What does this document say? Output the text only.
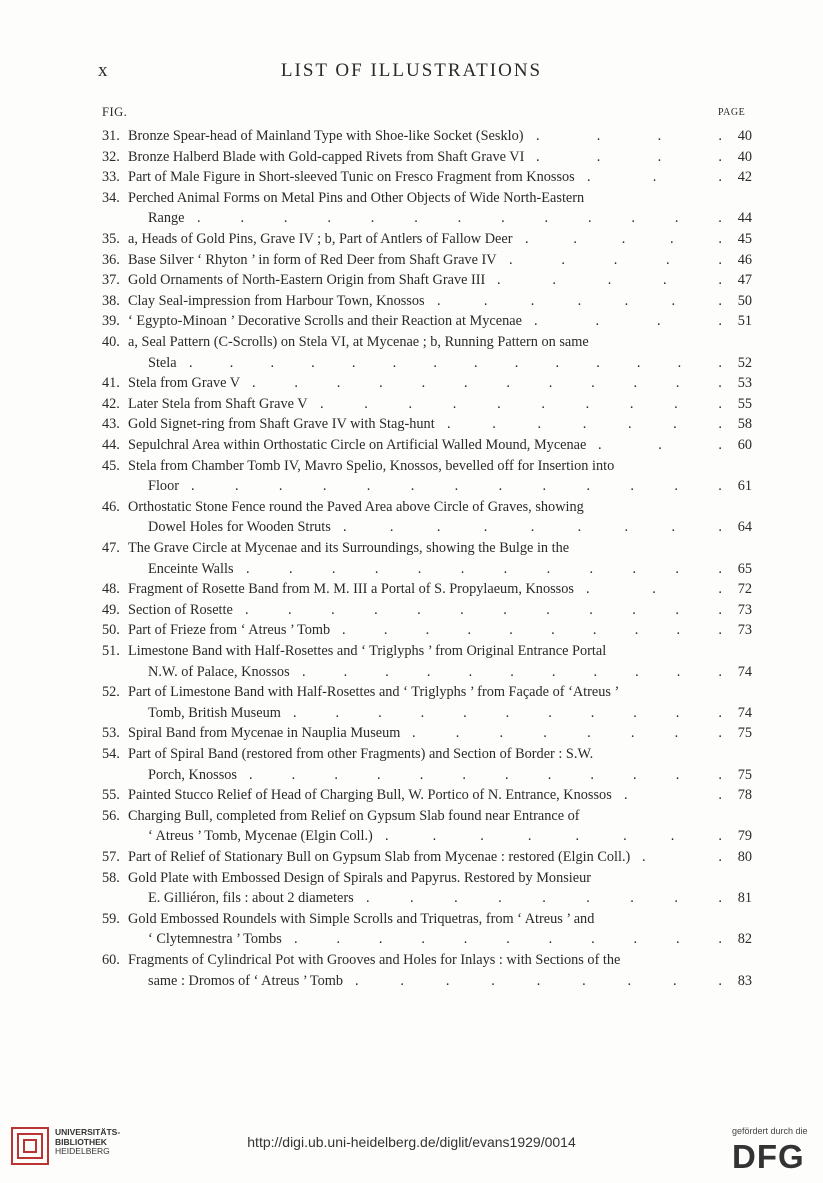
x	LIST OF ILLUSTRATIONS
FIG.	PAGE
31. Bronze Spear-head of Mainland Type with Shoe-like Socket (Sesklo) .	.	.	. 40
32. Bronze Halberd Blade with Gold-capped Rivets from Shaft Grave VI .	.	.	. 40
33. Part of Male Figure in Short-sleeved Tunic on Fresco Fragment from Knossos .	.	. 42
34. Perched Animal Forms on Metal Pins and Other Objects of Wide North-Eastern
Range .	.	.	.	.	.	.	.	.	.	.	.	. 44
35. a, Heads of Gold Pins, Grave IV ; b, Part of Antlers of Fallow Deer .	.	.	.	. 45
36. Base Silver ‘ Rhyton ’ in form of Red Deer from Shaft Grave IV .	.	.	.	. 46
37. Gold Ornaments of North-Eastern Origin from Shaft Grave III .	.	.	.	. 47
38. Clay Seal-impression from Harbour Town, Knossos .	.	.	.	.	.	. 50
39. ‘ Egypto-Minoan ’ Decorative Scrolls and their Reaction at Mycenae .	.	.	. 51
40. a, Seal Pattern (C-Scrolls) on Stela VI, at Mycenae ; b, Running Pattern on same
Stela .	.	.	.	.	.	.	.	.	.	.	.	.	. 52
41. Stela from Grave V .	.	.	.	.	.	.	.	.	.	.	. 53
42. Later Stela from Shaft Grave V .	.	.	.	.	.	.	.	.	. 55
43. Gold Signet-ring from Shaft Grave IV with Stag-hunt .	.	.	.	.	.	. 58
44. Sepulchral Area within Orthostatic Circle on Artificial Walled Mound, Mycenae .	.	. 60
45. Stela from Chamber Tomb IV, Mavro Spelio, Knossos, bevelled off for Insertion into
Floor .	.	.	.	.	.	.	.	.	.	.	.	. 61
46. Orthostatic Stone Fence round the Paved Area above Circle of Graves, showing
Dowel Holes for Wooden Struts .	.	.	.	.	.	.	.	. 64
47. The Grave Circle at Mycenae and its Surroundings, showing the Bulge in the
Enceinte Walls .	.	.	.	.	.	.	.	.	.	.	. 65
48. Fragment of Rosette Band from M. M. III a Portal of S. Propylaeum, Knossos .	.	. 72
49. Section of Rosette .	.	.	.	.	.	.	.	.	.	.	. 73
50. Part of Frieze from ‘ Atreus ’ Tomb .	.	.	.	.	.	.	.	.	. 73
51. Limestone Band with Half-Rosettes and ‘ Triglyphs ’ from Original Entrance Portal
N.W. of Palace, Knossos .	.	.	.	.	.	.	.	.	.	. 74
52. Part of Limestone Band with Half-Rosettes and ‘ Triglyphs ’ from Façade of ‘Atreus ’
Tomb, British Museum .	.	.	.	.	.	.	.	.	.	. 74
53. Spiral Band from Mycenae in Nauplia Museum .	.	.	.	.	.	.	. 75
54. Part of Spiral Band (restored from other Fragments) and Section of Border : S.W.
Porch, Knossos .	.	.	.	.	.	.	.	.	.	.	. 75
55. Painted Stucco Relief of Head of Charging Bull, W. Portico of N. Entrance, Knossos .	. 78
56. Charging Bull, completed from Relief on Gypsum Slab found near Entrance of
‘ Atreus ’ Tomb, Mycenae (Elgin Coll.) .	.	.	.	.	.	.	. 79
57. Part of Relief of Stationary Bull on Gypsum Slab from Mycenae : restored (Elgin Coll.) .	. 80
58. Gold Plate with Embossed Design of Spirals and Papyrus. Restored by Monsieur
E. Gilliéron, fils : about 2 diameters .	.	.	.	.	.	.	.	. 81
59. Gold Embossed Roundels with Simple Scrolls and Triquetras, from ‘ Atreus ’ and
‘ Clytemnestra ’ Tombs .	.	.	.	.	.	.	.	.	.	. 82
60. Fragments of Cylindrical Pot with Grooves and Holes for Inlays : with Sections of the
same : Dromos of ‘ Atreus ’ Tomb .	.	.	.	.	.	.	.	. 83
UNIVERSITÄTS-
BIBLIOTHEK
HEIDELBERG
http://digi.ub.uni-heidelberg.de/diglit/evans1929/0014
gefördert durch die
DFG
